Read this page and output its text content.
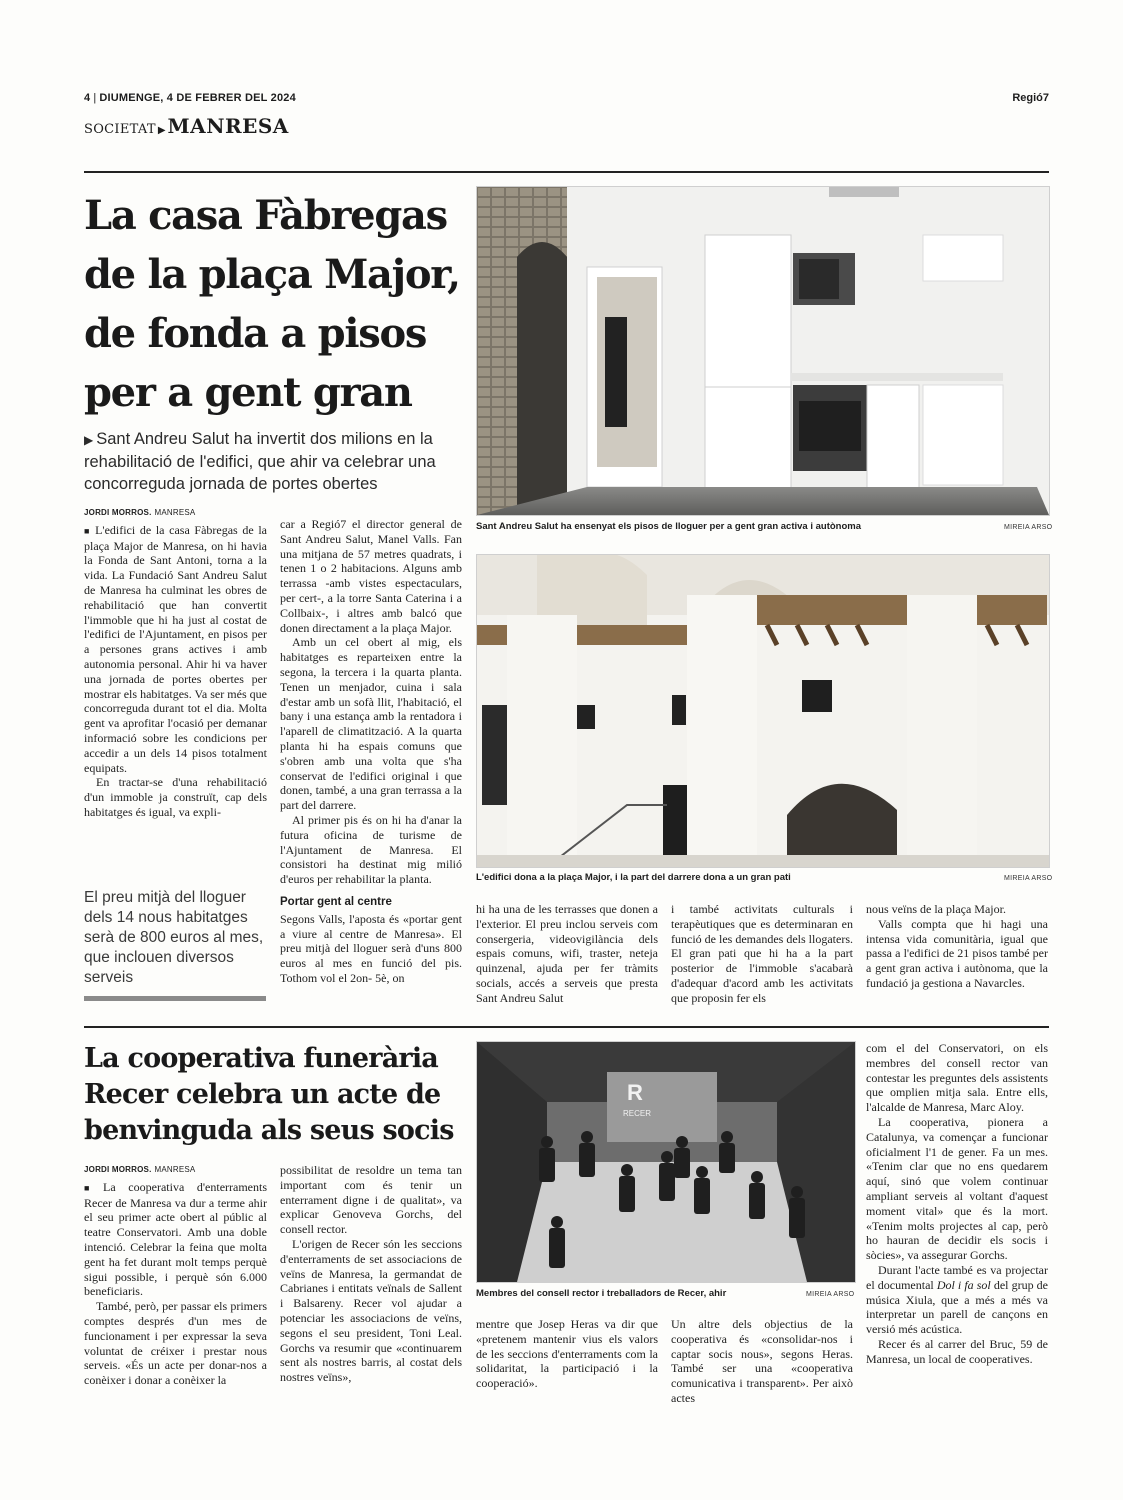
4 | DIUMENGE, 4 DE FEBRER DEL 2024	Regió7
SOCIETAT ▶ MANRESA
La casa Fàbregas de la plaça Major, de fonda a pisos per a gent gran

▶ Sant Andreu Salut ha invertit dos milions en la rehabilitació de l'edifici, que ahir va celebrar una concorreguda jornada de portes obertes

JORDI MORROS. MANRESA

■ L'edifici de la casa Fàbregas de la plaça Major de Manresa, on hi havia la Fonda de Sant Antoni, torna a la vida. La Fundació Sant Andreu Salut de Manresa ha culminat les obres de rehabilitació que han convertit l'immoble que hi ha just al costat de l'edifici de l'Ajuntament, en pisos per a persones grans actives i amb autonomia personal. Ahir hi va haver una jornada de portes obertes per mostrar els habitatges. Va ser més que concorreguda durant tot el dia. Molta gent va aprofitar l'ocasió per demanar informació sobre les condicions per accedir a un dels 14 pisos totalment equipats.

En tractar-se d'una rehabilitació d'un immoble ja construït, cap dels habitatges és igual, va expli-

car a Regió7 el director general de Sant Andreu Salut, Manel Valls. Fan una mitjana de 57 metres quadrats, i tenen 1 o 2 habitacions. Alguns amb terrassa -amb vistes espectaculars, per cert-, a la torre Santa Caterina i a Collbaix-, i altres amb balcó que donen directament a la plaça Major.

Amb un cel obert al mig, els habitatges es reparteixen entre la segona, la tercera i la quarta planta. Tenen un menjador, cuina i sala d'estar amb un sofà llit, l'habitació, el bany i una estança amb la rentadora i l'aparell de climatització. A la quarta planta hi ha espais comuns que s'obren amb una volta que s'ha conservat de l'edifici original i que donen, també, a una gran terrassa a la part del darrere.

Al primer pis és on hi ha d'anar la futura oficina de turisme de l'Ajuntament de Manresa. El consistori ha destinat mig milió d'euros per rehabilitar la planta.

Portar gent al centre

Segons Valls, l'aposta és «portar gent a viure al centre de Manresa». El preu mitjà del lloguer serà d'uns 800 euros al mes en funció del pis. Tothom vol el 2on- 5è, on

El preu mitjà del lloguer dels 14 nous habitatges serà de 800 euros al mes, que inclouen diversos serveis
Sant Andreu Salut ha ensenyat els pisos de lloguer per a gent gran activa i autònoma	MIREIA ARSO
L'edifici dona a la plaça Major, i la part del darrere dona a un gran pati	MIREIA ARSO

hi ha una de les terrasses que donen a l'exterior. El preu inclou serveis com consergeria, videovigilància dels espais comuns, wifi, traster, neteja quinzenal, ajuda per fer tràmits socials, accés a serveis que presta Sant Andreu Salut

i també activitats culturals i terapèutiques que es determinaran en funció de les demandes dels llogaters. El gran pati que hi ha a la part posterior de l'immoble s'acabarà d'adequar d'acord amb les activitats que proposin fer els

nous veïns de la plaça Major.

Valls compta que hi hagi una intensa vida comunitària, igual que passa a l'edifici de 21 pisos també per a gent gran activa i autònoma, que la fundació ja gestiona a Navarcles.

La cooperativa funerària Recer celebra un acte de benvinguda als seus socis
JORDI MORROS. MANRESA

■ La cooperativa d'enterraments Recer de Manresa va dur a terme ahir el seu primer acte obert al públic al teatre Conservatori. Amb una doble intenció. Celebrar la feina que molta gent ha fet durant molt temps perquè sigui possible, i perquè són 6.000 beneficiaris.

També, però, per passar els primers comptes després d'un mes de funcionament i per expressar la seva voluntat de créixer i prestar nous serveis. «És un acte per donar-nos a conèixer i donar a conèixer la

possibilitat de resoldre un tema tan important com és tenir un enterrament digne i de qualitat», va explicar Genoveva Gorchs, del consell rector.

L'origen de Recer són les seccions d'enterraments de set associacions de veïns de Manresa, la germandat de Cabrianes i entitats veïnals de Sallent i Balsareny. Recer vol ajudar a potenciar les associacions de veïns, segons el seu president, Toni Leal. Gorchs va resumir que «continuarem sent als nostres barris, al costat dels nostres veïns»,

R
RECER
Membres del consell rector i treballadors de Recer, ahir	MIREIA ARSO

mentre que Josep Heras va dir que «pretenem mantenir vius els valors de les seccions d'enterraments com la solidaritat, la participació i la cooperació».

Un altre dels objectius de la cooperativa és «consolidar-nos i captar socis nous», segons Heras. També ser una «cooperativa comunicativa i transparent». Per això actes

com el del Conservatori, on els membres del consell rector van contestar les preguntes dels assistents que omplien mitja sala. Entre ells, l'alcalde de Manresa, Marc Aloy.

La cooperativa, pionera a Catalunya, va començar a funcionar oficialment l'1 de gener. Fa un mes. «Tenim clar que no ens quedarem aquí, sinó que volem continuar ampliant serveis al voltant d'aquest moment vital» que és la mort. «Tenim molts projectes al cap, però ho hauran de decidir els socis i sòcies», va assegurar Gorchs.

Durant l'acte també es va projectar el documental Dol i fa sol del grup de música Xiula, que a més a més va interpretar un parell de cançons en versió més acústica.

Recer és al carrer del Bruc, 59 de Manresa, un local de cooperatives.
